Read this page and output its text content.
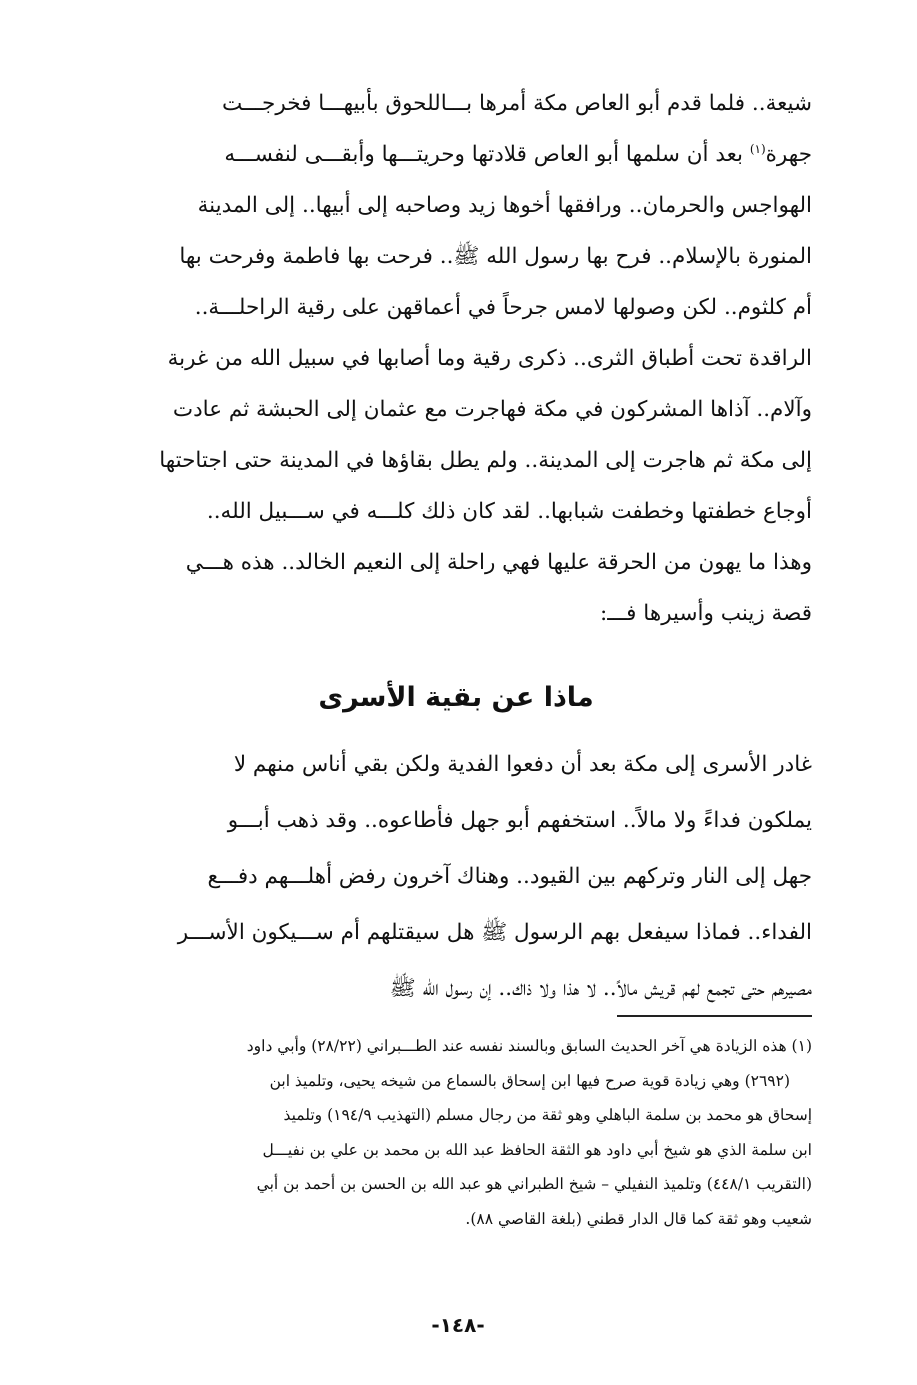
شيعة.. فلما قدم أبو العاص مكة أمرها بـــاللحوق بأبيهـــا فخرجـــت
جهرة$^{(١)}$ بعد أن سلمها أبو العاص قلادتها وحريتـــها وأبقـــى لنفســـه
الهواجس والحرمان.. ورافقها أخوها زيد وصاحبه إلى أبيها.. إلى المدينة
المنورة بالإسلام.. فرح بها رسول الله ﷺ.. فرحت بها فاطمة وفرحت بها
أم كلثوم.. لكن وصولها لامس جرحاً في أعماقهن على رقية الراحلـــة..
الراقدة تحت أطباق الثرى.. ذكرى رقية وما أصابها في سبيل الله من غربة
وآلام.. آذاها المشركون في مكة فهاجرت مع عثمان إلى الحبشة ثم عادت
إلى مكة ثم هاجرت إلى المدينة.. ولم يطل بقاؤها في المدينة حتى اجتاحتها
أوجاع خطفتها وخطفت شبابها.. لقد كان ذلك كلـــه في ســـبيل الله..
وهذا ما يهون من الحرقة عليها فهي راحلة إلى النعيم الخالد.. هذه هـــي
قصة زينب وأسيرها فـــ:
ماذا عن بقية الأسرى
غادر الأسرى إلى مكة بعد أن دفعوا الفدية ولكن بقي أناس منهم لا
يملكون فداءً ولا مالاً.. استخفهم أبو جهل فأطاعوه.. وقد ذهب أبـــو
جهل إلى النار وتركهم بين القيود.. وهناك آخرون رفض أهلـــهم دفـــع
الفداء.. فماذا سيفعل بهم الرسول ﷺ هل سيقتلهم أم ســـيكون الأســـر
مصيرهم حتى تجمع لهم قريش مالاً.. لا هذا ولا ذاك.. إن رسول الله ﷺ
(١) هذه الزيادة هي آخر الحديث السابق وبالسند نفسه عند الطـــبراني (٢٨/٢٢) وأبي داود
(٢٦٩٢) وهي زيادة قوية صرح فيها ابن إسحاق بالسماع من شيخه يحيى، وتلميذ ابن
إسحاق هو محمد بن سلمة الباهلي وهو ثقة من رجال مسلم (التهذيب ١٩٤/٩) وتلميذ
ابن سلمة الذي هو شيخ أبي داود هو الثقة الحافظ عبد الله بن محمد بن علي بن نفيـــل
(التقريب ٤٤٨/١) وتلميذ النفيلي – شيخ الطبراني هو عبد الله بن الحسن بن أحمد بن أبي
شعيب وهو ثقة كما قال الدار قطني (بلغة القاصي ٨٨).
-١٤٨-
